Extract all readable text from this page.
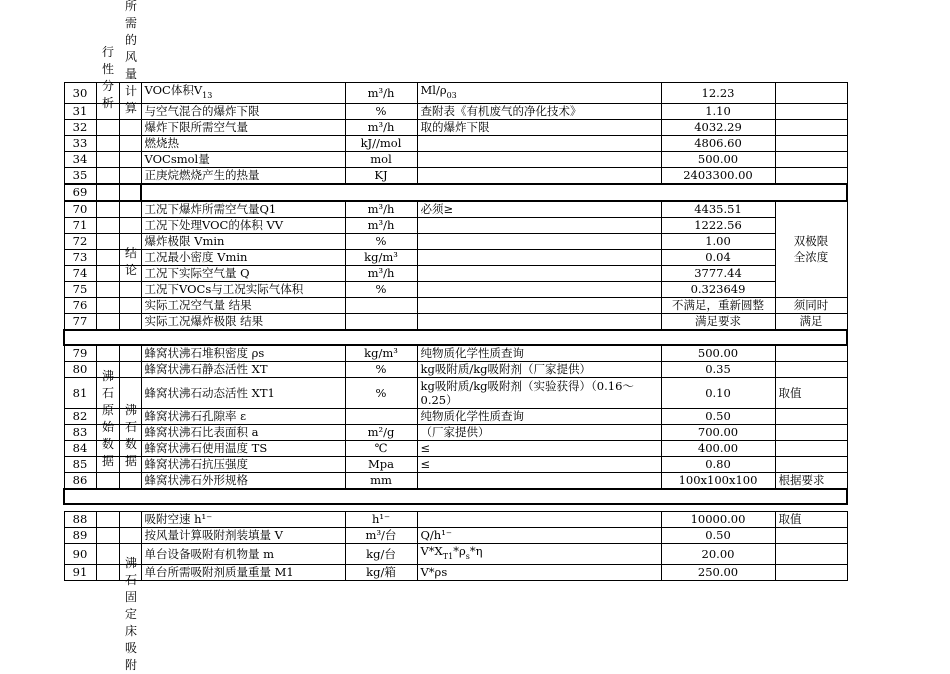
行性分析
所需的风量计算
结论
沸石原始数据
沸石数据
沸石固定床吸附
30			VOC体积$V_{13}$	m³/h	$Ml/\rho_{03}$	12.23	
31			与空气混合的爆炸下限	%	查附表《有机废气的净化技术》	1.10	
32			爆炸下限所需空气量	m³/h	取的爆炸下限	4032.29	
33			燃烧热	kJ//mol		4806.60	
34			VOCsmol量	mol		500.00	
35			正庚烷燃烧产生的热量	KJ		2403300.00	
69							
70			工况下爆炸所需空气量Q1	m³/h	必须≥	4435.51	
71			工况下处理VOC的体积 VV	m³/h		1222.56	
72			爆炸极限 Vmin	%		1.00	双极限
73			工况最小密度 Vmin	kg/m³		0.04	全浓度
74			工况下实际空气量 Q	m³/h		3777.44	
75			工况下VOCs与工况实际气体积	%		0.323649	
76			实际工况空气量 结果			不满足，重新圆整	须同时
77			实际工况爆炸极限 结果			满足要求	满足

79			蜂窝状沸石堆积密度 ρs	kg/m³	纯物质化学性质查询	500.00	
80			蜂窝状沸石静态活性 XT	%	kg吸附质/kg吸附剂（厂家提供）	0.35	
81			蜂窝状沸石动态活性 XT1	%	kg吸附质/kg吸附剂（实验获得）（0.16～0.25）	0.10	取值
82			蜂窝状沸石孔隙率 ε		纯物质化学性质查询	0.50	
83			蜂窝状沸石比表面积 a	m²/g	（厂家提供）	700.00	
84			蜂窝状沸石使用温度 TS	℃	≤	400.00	
85			蜂窝状沸石抗压强度	Mpa	≤	0.80	
86			蜂窝状沸石外形规格	mm		100x100x100	根据要求

88			吸附空速 h¹⁻	h¹⁻		10000.00	取值
89			按风量计算吸附剂装填量 V	m³/台	Q/h¹⁻	0.50	
90			单台设备吸附有机物量 m	kg/台	$V*X_{T1}*\rho_s*\eta$	20.00	
91			单台所需吸附剂质量重量 M1	kg/箱	V*ρs	250.00	
